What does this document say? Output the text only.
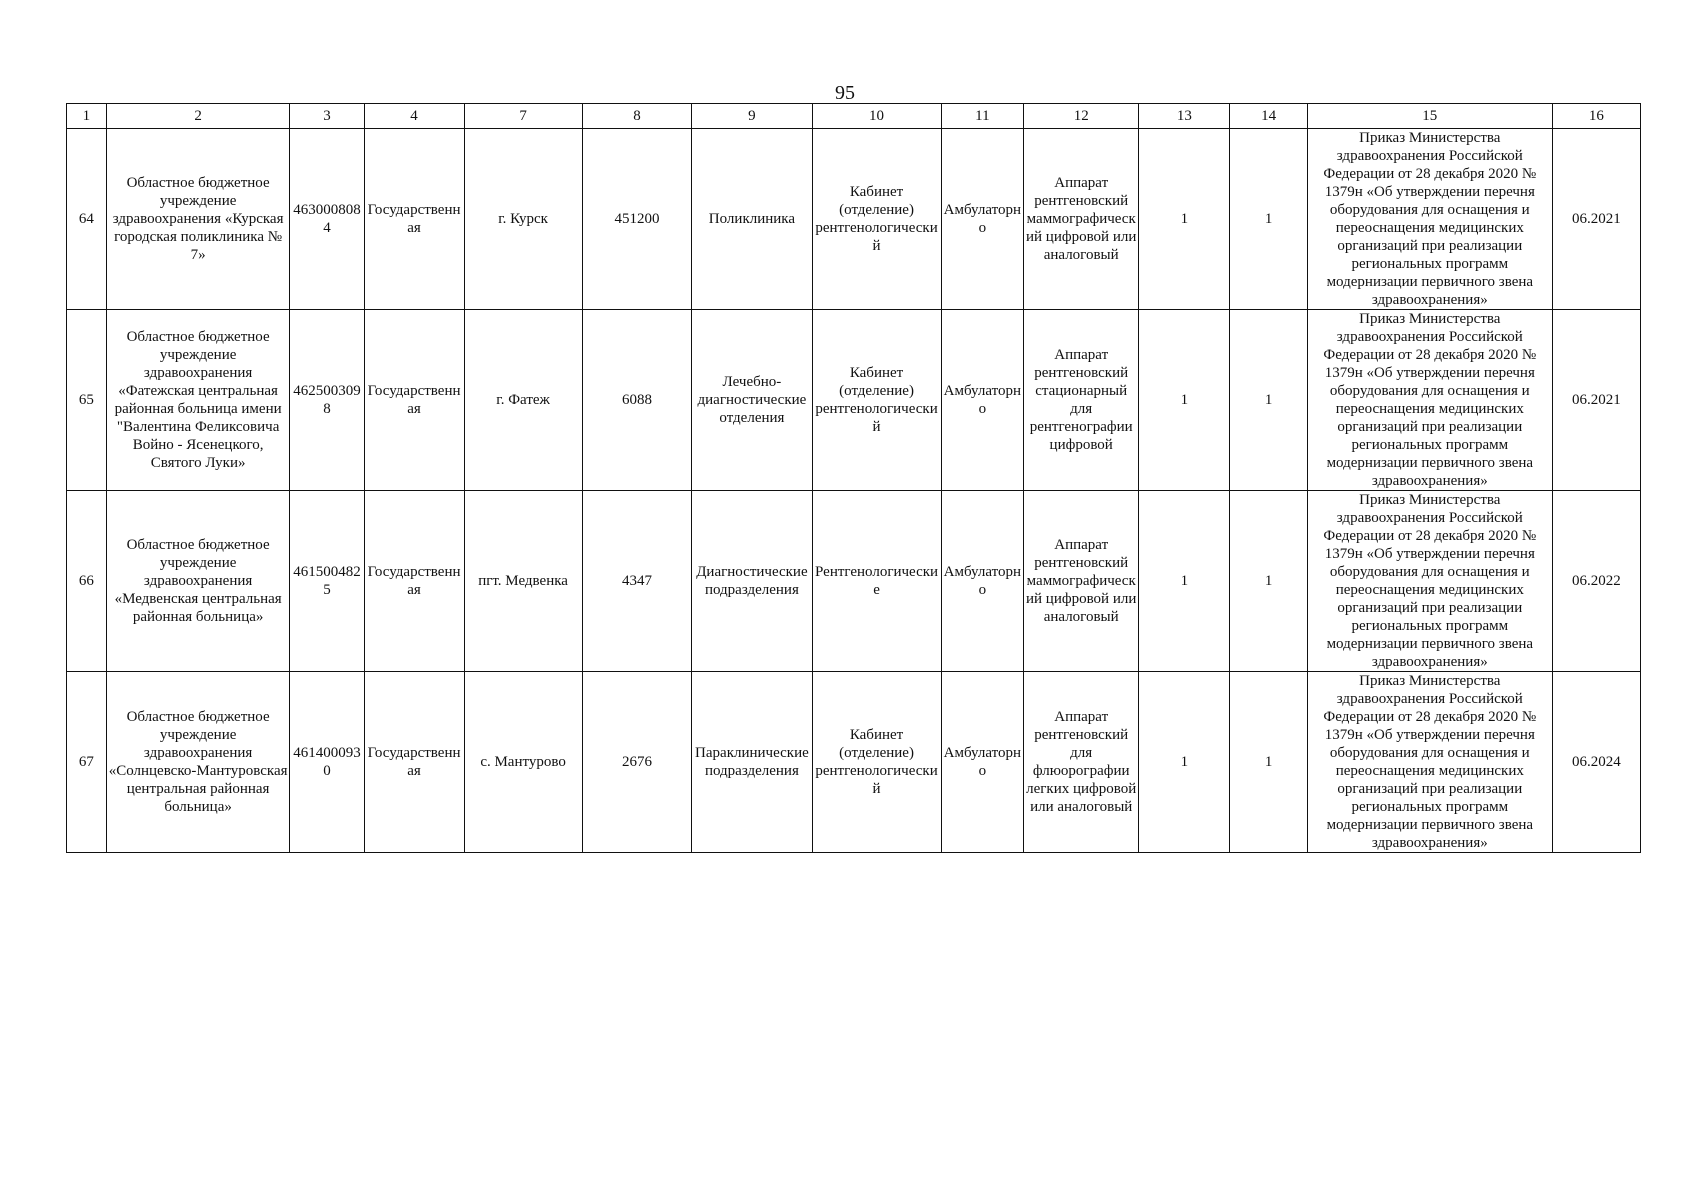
95
1	2	3	4	7	8	9	10	11	12	13	14	15	16
64	Областное бюджетное учреждение здравоохранения «Курская городская поликлиника № 7»	4630008084	Государственная	г. Курск	451200	Поликлиника	Кабинет (отделение) рентгенологический	Амбулаторно	Аппарат рентгеновский маммографический цифровой или аналоговый	1	1	Приказ Министерства здравоохранения Российской Федерации от 28 декабря 2020 № 1379н «Об утверждении перечня оборудования для оснащения и переоснащения медицинских организаций при реализации региональных программ модернизации первичного звена здравоохранения»	06.2021
65	Областное бюджетное учреждение здравоохранения «Фатежская центральная районная больница имени "Валентина Феликсовича Войно - Ясенецкого, Святого Луки»	4625003098	Государственная	г. Фатеж	6088	Лечебно-диагностические отделения	Кабинет (отделение) рентгенологический	Амбулаторно	Аппарат рентгеновский стационарный для рентгенографии цифровой	1	1	Приказ Министерства здравоохранения Российской Федерации от 28 декабря 2020 № 1379н «Об утверждении перечня оборудования для оснащения и переоснащения медицинских организаций при реализации региональных программ модернизации первичного звена здравоохранения»	06.2021
66	Областное бюджетное учреждение здравоохранения «Медвенская центральная районная больница»	4615004825	Государственная	пгт. Медвенка	4347	Диагностические подразделения	Рентгенологические	Амбулаторно	Аппарат рентгеновский маммографический цифровой или аналоговый	1	1	Приказ Министерства здравоохранения Российской Федерации от 28 декабря 2020 № 1379н «Об утверждении перечня оборудования для оснащения и переоснащения медицинских организаций при реализации региональных программ модернизации первичного звена здравоохранения»	06.2022
67	Областное бюджетное учреждение здравоохранения «Солнцевско-Мантуровская центральная районная больница»	4614000930	Государственная	с. Мантурово	2676	Параклинические подразделения	Кабинет (отделение) рентгенологический	Амбулаторно	Аппарат рентгеновский для флюорографии легких цифровой или аналоговый	1	1	Приказ Министерства здравоохранения Российской Федерации от 28 декабря 2020 № 1379н «Об утверждении перечня оборудования для оснащения и переоснащения медицинских организаций при реализации региональных программ модернизации первичного звена здравоохранения»	06.2024
